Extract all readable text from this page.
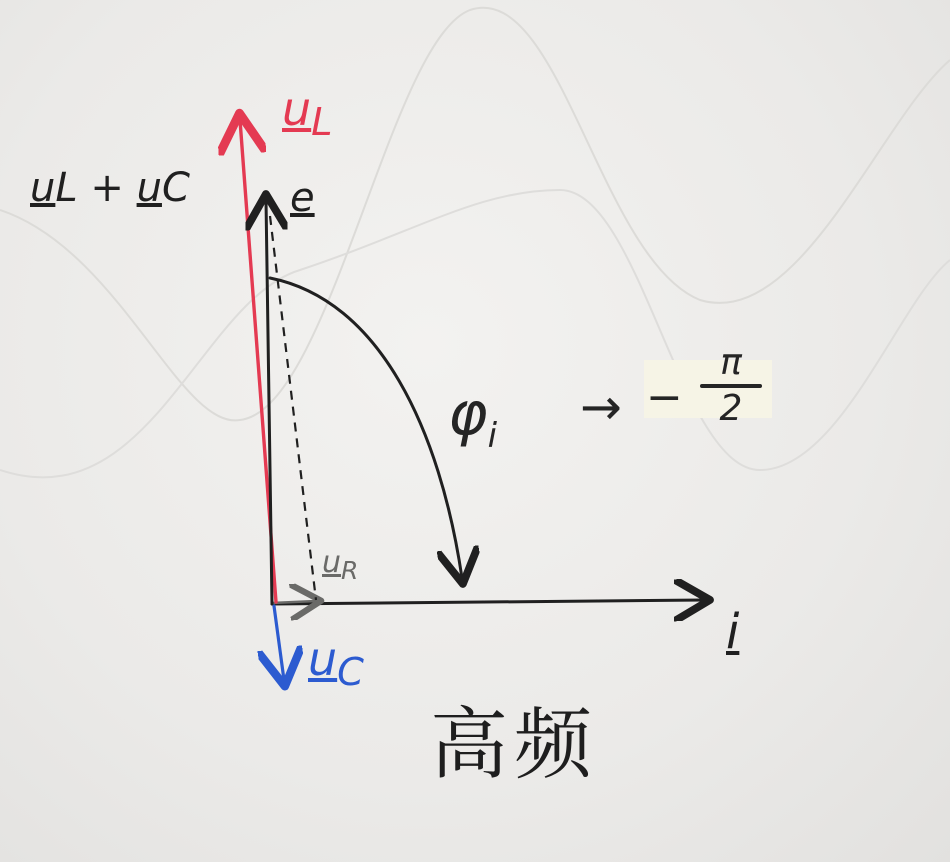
$u_L$
uL + uC	e
$u_R$
$u_C$
i
$\varphi_i$ → −
π
2
高频
